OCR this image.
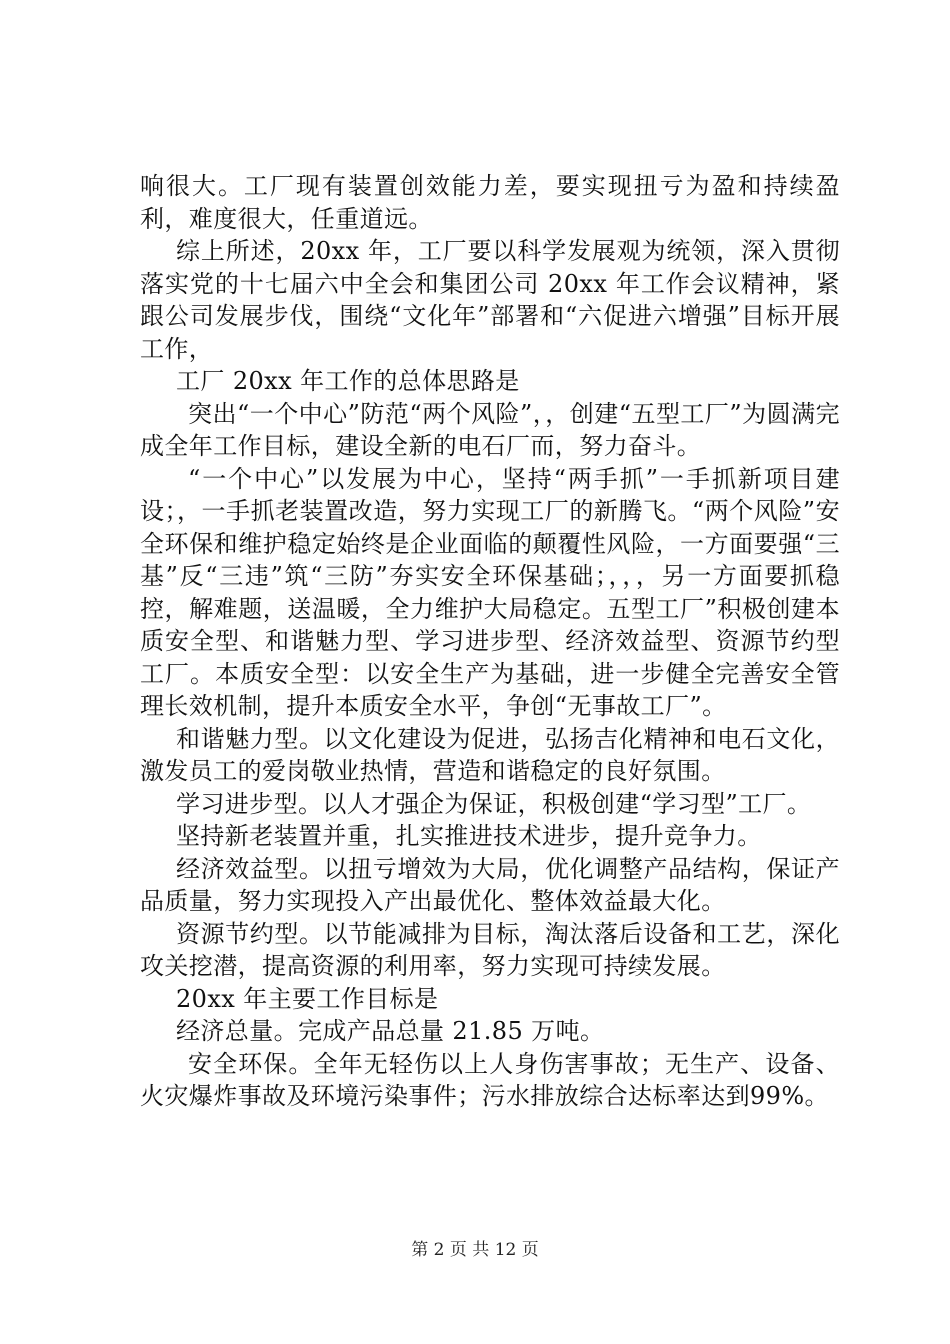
响很大。工厂现有装置创效能力差，要实现扭亏为盈和持续盈利，难度很大，任重道远。

综上所述，20xx 年，工厂要以科学发展观为统领，深入贯彻落实党的十七届六中全会和集团公司 20xx 年工作会议精神，紧跟公司发展步伐，围绕“文化年”部署和“六促进六增强”目标开展工作，

工厂 20xx 年工作的总体思路是

突出“一个中心”防范“两个风险”，，创建“五型工厂”为圆满完成全年工作目标，建设全新的电石厂而，努力奋斗。

“一个中心”以发展为中心，坚持“两手抓”一手抓新项目建设；，一手抓老装置改造，努力实现工厂的新腾飞。“两个风险”安全环保和维护稳定始终是企业面临的颠覆性风险，一方面要强“三基”反“三违”筑“三防”夯实安全环保基础；，，，另一方面要抓稳控，解难题，送温暖，全力维护大局稳定。五型工厂”积极创建本质安全型、和谐魅力型、学习进步型、经济效益型、资源节约型工厂。本质安全型：以安全生产为基础，进一步健全完善安全管理长效机制，提升本质安全水平，争创“无事故工厂”。

和谐魅力型。以文化建设为促进，弘扬吉化精神和电石文化，激发员工的爱岗敬业热情，营造和谐稳定的良好氛围。

学习进步型。以人才强企为保证，积极创建“学习型”工厂。

坚持新老装置并重，扎实推进技术进步，提升竞争力。

经济效益型。以扭亏增效为大局，优化调整产品结构，保证产品质量，努力实现投入产出最优化、整体效益最大化。

资源节约型。以节能减排为目标，淘汰落后设备和工艺，深化攻关挖潜，提高资源的利用率，努力实现可持续发展。

20xx 年主要工作目标是

经济总量。完成产品总量 21.85 万吨。

安全环保。全年无轻伤以上人身伤害事故；无生产、设备、火灾爆炸事故及环境污染事件；污水排放综合达标率达到99%。

第 2 页 共 12 页
